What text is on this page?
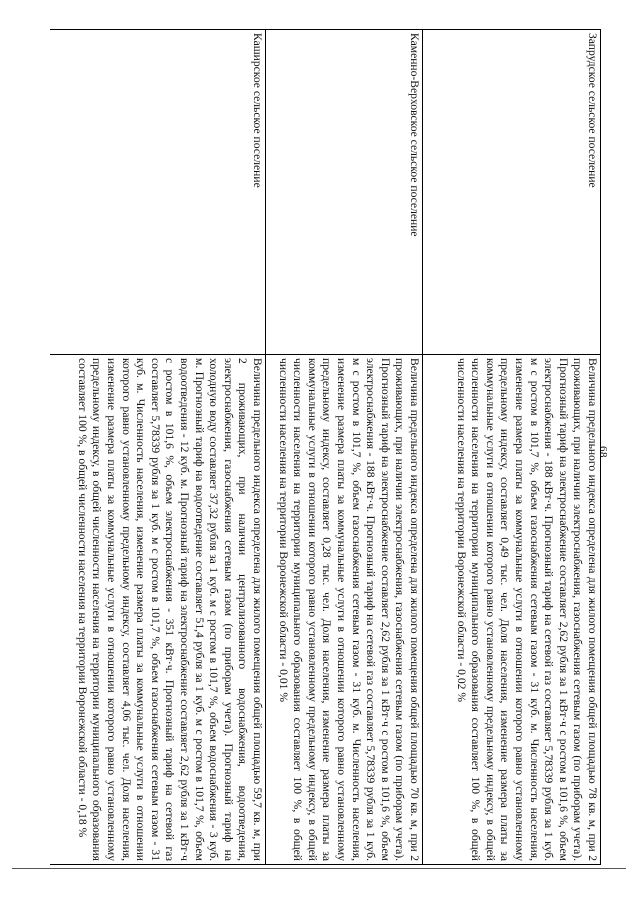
68
Запрудское сельское поселение	Величина предельного индекса определена для жилого помещения общей площадью 78 кв. м, при 2 проживающих, при наличии электроснабжения, газоснабжения сетевым газом (по приборам учета). Прогнозный тариф на электроснабжение составляет 2,62 рубля за 1 кВт·ч с ростом в 101,6 %, объем электроснабжения - 188 кВт·ч. Прогнозный тариф на сетевой газ составляет 5,78339 рубля за 1 куб. м с ростом в 101,7 %, объем газоснабжения сетевым газом - 31 куб. м. Численность населения, изменение размера платы за коммунальные услуги в отношении которого равно установленному предельному индексу, составляет 0,49 тыс. чел. Доля населения, изменение размера платы за коммунальные услуги в отношении которого равно установленному предельному индексу, в общей численности населения на территории муниципального образования составляет 100 %, в общей численности населения на территории Воронежской области - 0,02 %
Каменно-Верховское сельское поселение	Величина предельного индекса определена для жилого помещения общей площадью 70 кв. м, при 2 проживающих, при наличии электроснабжения, газоснабжения сетевым газом (по приборам учета). Прогнозный тариф на электроснабжение составляет 2,62 рубля за 1 кВт·ч с ростом в 101,6 %, объем электроснабжения - 188 кВт·ч. Прогнозный тариф на сетевой газ составляет 5,78339 рубля за 1 куб. м с ростом в 101,7 %, объем газоснабжения сетевым газом - 31 куб. м. Численность населения, изменение размера платы за коммунальные услуги в отношении которого равно установленному предельному индексу, составляет 0,28 тыс. чел. Доля населения, изменение размера платы за коммунальные услуги в отношении которого равно установленному предельному индексу, в общей численности населения на территории муниципального образования составляет 100 %, в общей численности населения на территории Воронежской области - 0,01 %
Каширское сельское поселение	Величина предельного индекса определена для жилого помещения общей площадью 59,7 кв. м, при 2 проживающих, при наличии централизованного водоснабжения, водоотведения, электроснабжения, газоснабжения сетевым газом (по приборам учета). Прогнозный тариф на холодную воду составляет 37,32 рубля за 1 куб. м с ростом в 101,7 %, объем водоснабжения - 3 куб. м. Прогнозный тариф на водоотведение составляет 51,4 рубля за 1 куб. м с ростом в 101,7 %, объем водоотведения - 12 куб. м. Прогнозный тариф на электроснабжение составляет 2,62 рубля за 1 кВт·ч с ростом в 101,6 %, объем электроснабжения - 351 кВт·ч. Прогнозный тариф на сетевой газ составляет 5,78339 рубля за 1 куб. м с ростом в 101,7 %, объем газоснабжения сетевым газом - 31 куб. м. Численность населения, изменение размера платы за коммунальные услуги в отношении которого равно установленному предельному индексу, составляет 4,06 тыс. чел. Доля населения, изменение размера платы за коммунальные услуги в отношении которого равно установленному предельному индексу, в общей численности населения на территории муниципального образования составляет 100 %, в общей численности населения на территории Воронежской области - 0,18 %
